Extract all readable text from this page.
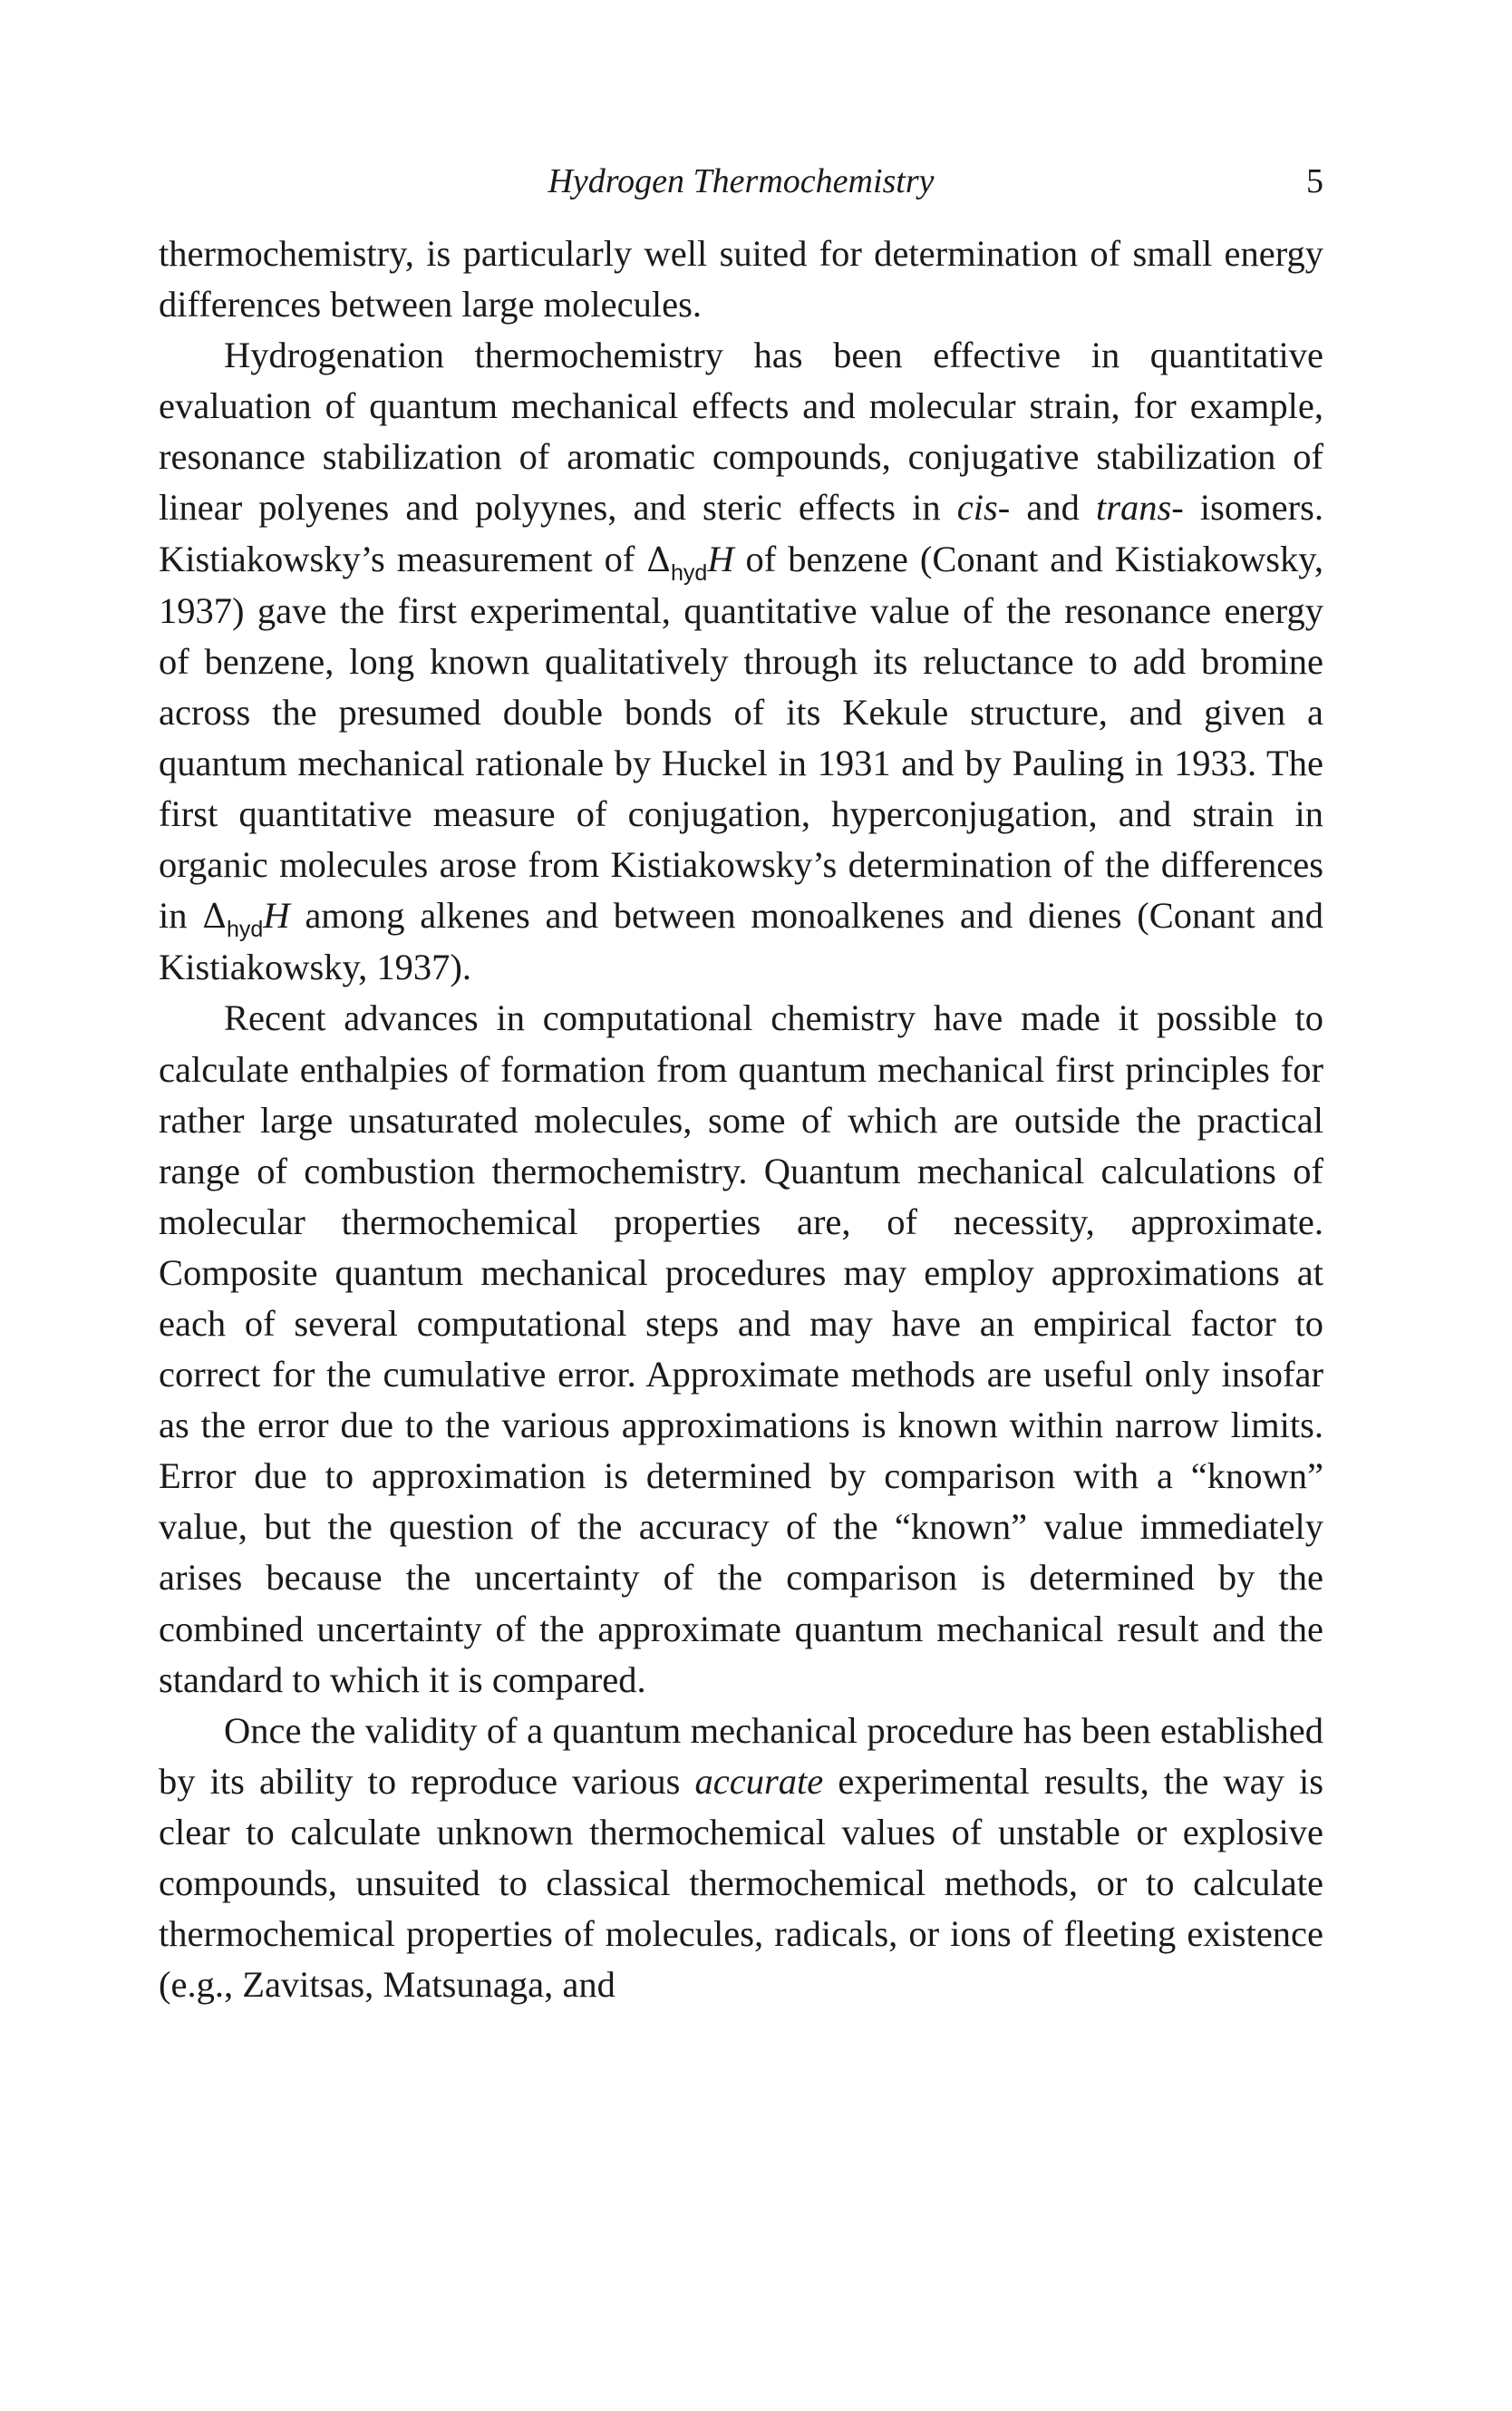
Hydrogen Thermochemistry	5

thermochemistry, is particularly well suited for determination of small energy differences between large molecules.

Hydrogenation thermochemistry has been effective in quantitative evaluation of quantum mechanical effects and molecular strain, for example, resonance stabilization of aromatic compounds, conjugative stabilization of linear polyenes and polyynes, and steric effects in cis- and trans- isomers. Kistiakowsky’s measurement of $\Delta_{hyd}H$ of benzene (Conant and Kistiakowsky, 1937) gave the first experimental, quantitative value of the resonance energy of benzene, long known qualitatively through its reluctance to add bromine across the presumed double bonds of its Kekule structure, and given a quantum mechanical rationale by Huckel in 1931 and by Pauling in 1933. The first quantitative measure of conjugation, hyperconjugation, and strain in organic molecules arose from Kistiakowsky’s determination of the differences in $\Delta_{hyd}H$ among alkenes and between monoalkenes and dienes (Conant and Kistiakowsky, 1937).

Recent advances in computational chemistry have made it possible to calculate enthalpies of formation from quantum mechanical first principles for rather large unsaturated molecules, some of which are outside the practical range of combustion thermochemistry. Quantum mechanical calculations of molecular thermochemical properties are, of necessity, approximate. Composite quantum mechanical procedures may employ approximations at each of several computational steps and may have an empirical factor to correct for the cumulative error. Approximate methods are useful only insofar as the error due to the various approximations is known within narrow limits. Error due to approximation is determined by comparison with a “known” value, but the question of the accuracy of the “known” value immediately arises because the uncertainty of the comparison is determined by the combined uncertainty of the approximate quantum mechanical result and the standard to which it is compared.

Once the validity of a quantum mechanical procedure has been established by its ability to reproduce various accurate experimental results, the way is clear to calculate unknown thermochemical values of unstable or explosive compounds, unsuited to classical thermochemical methods, or to calculate thermochemical properties of molecules, radicals, or ions of fleeting existence (e.g., Zavitsas, Matsunaga, and
